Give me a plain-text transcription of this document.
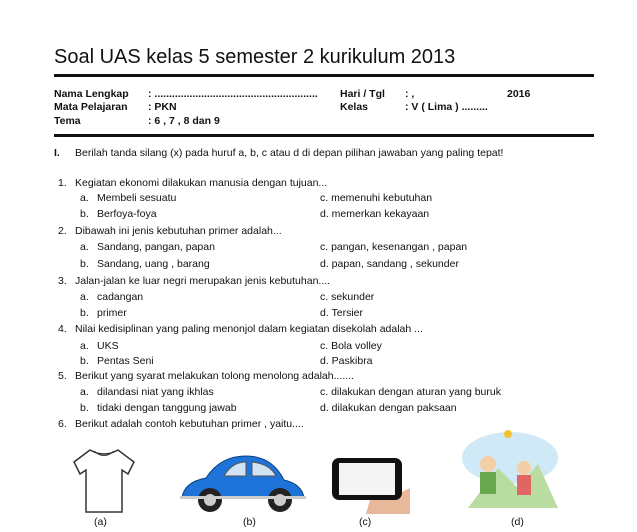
Soal UAS kelas 5 semester 2 kurikulum 2013
Nama Lengkap : ........................................................
Mata Pelajaran : PKN
Tema	: 6 , 7 , 8 dan 9
Hari / Tgl : ,	2016
Kelas	: V ( Lima ) .........
I. Berilah tanda silang (x) pada huruf a, b, c atau d di depan pilihan jawaban yang paling tepat!
1. Kegiatan ekonomi dilakukan manusia dengan tujuan...
a. Membeli sesuatu
b. Berfoya-foya
c. memenuhi kebutuhan
d. memerkan kekayaan
2. Dibawah ini jenis kebutuhan primer adalah...
a. Sandang, pangan, papan
b. Sandang, uang , barang
c. pangan, kesenangan , papan
d. papan, sandang , sekunder
3. Jalan-jalan ke luar negri merupakan jenis kebutuhan....
a. cadangan
b. primer
c. sekunder
d. Tersier
4. Nilai kedisiplinan yang paling menonjol dalam kegiatan disekolah adalah ...
a. UKS
b. Pentas Seni
c. Bola volley
d. Paskibra
5. Berikut yang syarat melakukan tolong menolong adalah.......
a. dilandasi niat yang ikhlas
b. tidaki dengan tanggung jawab
c. dilakukan dengan aturan yang buruk
d. dilakukan dengan paksaan
6. Berikut adalah contoh kebutuhan primer , yaitu....
(a)	(b)	(c)	(d)
